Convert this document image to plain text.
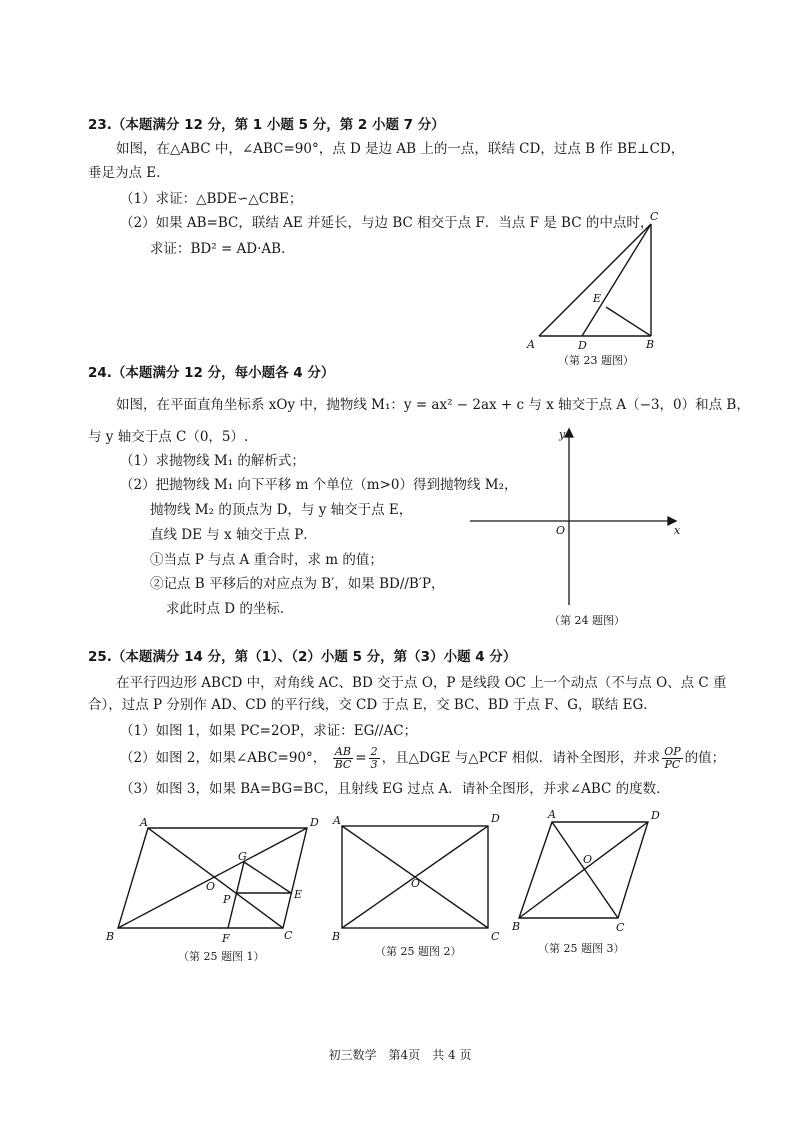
23.（本题满分 12 分，第 1 小题 5 分，第 2 小题 7 分）
如图，在△ABC 中，∠ABC=90°，点 D 是边 AB 上的一点，联结 CD，过点 B 作 BE⊥CD，
垂足为点 E.
（1）求证：△BDE∽△CBE；
（2）如果 AB=BC，联结 AE 并延长，与边 BC 相交于点 F．当点 F 是 BC 的中点时，
求证：BD² = AD·AB．
A	B
C
D
E
x
y
O
A	D
B	C
O
P	E
F
G
A	D
B	C
O
A	D
B	C
O
（第 23 题图）
24.（本题满分 12 分，每小题各 4 分）
如图，在平面直角坐标系 xOy 中，抛物线 M₁：y = ax² − 2ax + c 与 x 轴交于点 A（−3，0）和点 B，
与 y 轴交于点 C（0，5）.
（1）求抛物线 M₁ 的解析式；
（2）把抛物线 M₁ 向下平移 m 个单位（m>0）得到抛物线 M₂，
抛物线 M₂ 的顶点为 D，与 y 轴交于点 E，
直线 DE 与 x 轴交于点 P．
①当点 P 与点 A 重合时，求 m 的值；
②记点 B 平移后的对应点为 B′，如果 BD//B′P，
求此时点 D 的坐标．
（第 24 题图）
25.（本题满分 14 分，第（1）、（2）小题 5 分，第（3）小题 4 分）
在平行四边形 ABCD 中，对角线 AC、BD 交于点 O，P 是线段 OC 上一个动点（不与点 O、点 C 重
合），过点 P 分别作 AD、CD 的平行线，交 CD 于点 E，交 BC、BD 于点 F、G，联结 EG．
（1）如图 1，如果 PC=2OP，求证：EG//AC；
（2）如图 2，如果∠ABC=90°， $\frac{AB}{BC} = \frac{2}{3}$ ，且△DGE 与△PCF 相似．请补全图形，并求 $\frac{OP}{PC}$ 的值；
（3）如图 3，如果 BA=BG=BC，且射线 EG 过点 A．请补全图形，并求∠ABC 的度数．
（第 25 题图 1）	（第 25 题图 2）	（第 25 题图 3）
初三数学　第4页　共 4 页
